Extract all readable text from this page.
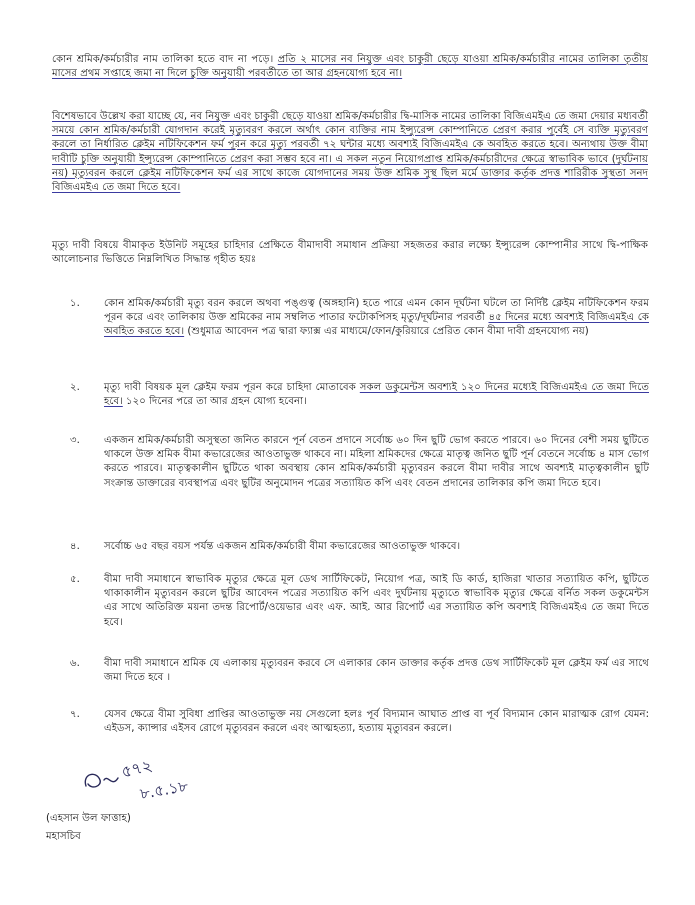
কোন শ্রমিক/কর্মচারীর নাম তালিকা হতে বাদ না পড়ে। প্রতি ২ মাসের নব নিযুক্ত এবং চাকুরী ছেড়ে যাওয়া শ্রমিক/কর্মচারীর নামের তালিকা তৃতীয় মাসের প্রথম সপ্তাহে জমা না দিলে চুক্তি অনুযায়ী পরবর্তীতে তা আর গ্রহনযোগ্য হবে না।

বিশেষভাবে উল্লেখ করা যাচ্ছে যে, নব নিযুক্ত এবং চাকুরী ছেড়ে যাওয়া শ্রমিক/কর্মচারীর দ্বি-মাসিক নামের তালিকা বিজিএমইএ তে জমা দেয়ার মধ্যবর্তী সময়ে কোন শ্রমিক/কর্মচারী যোগদান করেই মৃত্যুবরণ করলে অর্থাৎ কোন ব্যক্তির নাম ইন্স্যুরেন্স কোম্পানিতে প্রেরণ করার পূর্বেই সে ব্যক্তি মৃত্যুবরণ করলে তা নির্ধারিত ক্লেইম নটিফিকেশন ফর্ম পূরন করে মৃত্যু পরবর্তী ৭২ ঘন্টার মধ্যে অবশ্যই বিজিএমইএ কে অবহিত করতে হবে। অন্যথায় উক্ত বীমা দাবীটি চুক্তি অনুযায়ী ইন্স্যুরেন্স কোম্পানিতে প্রেরণ করা সম্ভব হবে না। এ সকল নতুন নিয়োগপ্রাপ্ত শ্রমিক/কর্মচারীদের ক্ষেত্রে স্বাভাবিক ভাবে (দুর্ঘটনায় নয়) মৃত্যুবরন করলে ক্লেইম নটিফিকেশন ফর্ম এর সাথে কাজে যোগদানের সময় উক্ত শ্রমিক সুস্থ ছিল মর্মে ডাক্তার কর্তৃক প্রদত্ত শারিরীক সুস্থতা সনদ বিজিএমইএ তে জমা দিতে হবে।

মৃত্যু দাবী বিষয়ে বীমাকৃত ইউনিট সমূহের চাহিদার প্রেক্ষিতে বীমাদাবী সমাধান প্রক্রিয়া সহজতর করার লক্ষ্যে ইন্স্যুরেন্স কোম্পানীর সাথে দ্বি-পাক্ষিক আলোচনার ভিত্তিতে নিম্নলিখিত সিদ্ধান্ত গৃহীত হয়ঃ

১.	কোন শ্রমিক/কর্মচারী মৃত্যু বরন করলে অথবা পঙ্গুত্ব (অঙ্গহানি) হতে পারে এমন কোন দূর্ঘটনা ঘটলে তা নির্দিষ্ট ক্লেইম নটিফিকেশন ফরম পূরন করে এবং তালিকায় উক্ত শ্রমিকের নাম সম্বলিত পাতার ফটোকপিসহ মৃত্যু/দূর্ঘটনার পরবর্তী ৪৫ দিনের মধ্যে অবশ্যই বিজিএমইএ কে অবহিত করতে হবে। (শুধুমাত্র আবেদন পত্র দ্বারা ফ্যাক্স এর মাধ্যমে/ফোন/কুরিয়ারে প্রেরিত কোন বীমা দাবী গ্রহনযোগ্য নয়)

২.	মৃত্যু দাবী বিষয়ক মূল ক্লেইম ফরম পূরন করে চাহিদা মোতাবেক সকল ডকুমেন্টস অবশ্যই ১২০ দিনের মধ্যেই বিজিএমইএ তে জমা দিতে হবে। ১২০ দিনের পরে তা আর গ্রহন যোগ্য হবেনা।

৩.	একজন শ্রমিক/কর্মচারী অসুস্থতা জনিত কারনে পূর্ন বেতন প্রদানে সর্বোচ্চ ৬০ দিন ছুটি ভোগ করতে পারবে। ৬০ দিনের বেশী সময় ছুটিতে থাকলে উক্ত শ্রমিক বীমা কভারেজের আওতাভুক্ত থাকবে না। মহিলা শ্রমিকদের ক্ষেত্রে মাতৃত্ব জনিত ছুটি পূর্ন বেতনে সর্বোচ্চ ৪ মাস ভোগ করতে পারবে। মাতৃত্বকালীন ছুটিতে থাকা অবস্থায় কোন শ্রমিক/কর্মচারী মৃত্যুবরন করলে বীমা দাবীর সাথে অবশ্যই মাতৃত্বকালীন ছুটি সংক্রান্ত ডাক্তারের ব্যবস্থাপত্র এবং ছুটির অনুমোদন পত্রের সত্যায়িত কপি এবং বেতন প্রদানের তালিকার কপি জমা দিতে হবে।

৪.	সর্বোচ্চ ৬৫ বছর বয়স পর্যন্ত একজন শ্রমিক/কর্মচারী বীমা কভারেজের আওতাভুক্ত থাকবে।

৫.	বীমা দাবী সমাধানে স্বাভাবিক মৃত্যুর ক্ষেত্রে মূল ডেথ সার্টিফিকেট, নিয়োগ পত্র, আই ডি কার্ড, হাজিরা খাতার সত্যায়িত কপি, ছুটিতে থাকাকালীন মৃত্যুবরন করলে ছুটির আবেদন পত্রের সত্যায়িত কপি এবং দুর্ঘটনায় মৃত্যুতে স্বাভাবিক মৃত্যুর ক্ষেত্রে বর্নিত সকল ডকুমেন্টস এর সাথে অতিরিক্ত ময়না তদন্ত রিপোর্ট/ওয়েভার এবং এফ. আই. আর রিপোর্ট এর সত্যায়িত কপি অবশ্যই বিজিএমইএ তে জমা দিতে হবে।

৬.	বীমা দাবী সমাধানে শ্রমিক যে এলাকায় মৃত্যুবরন করবে সে এলাকার কোন ডাক্তার কর্তৃক প্রদত্ত ডেথ সার্টিফিকেট মূল ক্লেইম ফর্ম এর সাথে জমা দিতে হবে ।

৭.	যেসব ক্ষেত্রে বীমা সুবিধা প্রাপ্তির আওতাভুক্ত নয় সেগুলো হলঃ পূর্ব বিদ্যমান আঘাত প্রাপ্ত বা পূর্ব বিদ্যমান কোন মারাত্মক রোগ যেমন: এইডস, ক্যান্সার এইসব রোগে মৃত্যুবরন করলে এবং আত্মহত্যা, হত্যায় মৃত্যুবরন করলে।

৫৭২
৮.৫.১৮
(এহসান উল ফাত্তাহ)
মহাসচিব
